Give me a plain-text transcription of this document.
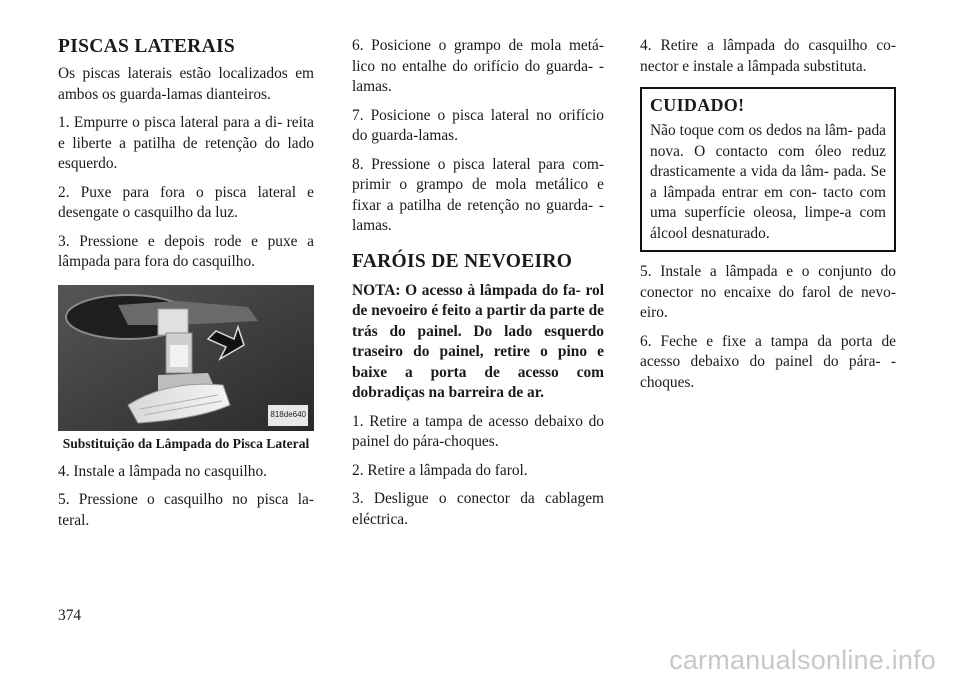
PISCAS LATERAIS

Os piscas laterais estão localizados em ambos os guarda-lamas dianteiros.

1. Empurre o pisca lateral para a di- reita e liberte a patilha de retenção do lado esquerdo.

2. Puxe para fora o pisca lateral e desengate o casquilho da luz.

3. Pressione e depois rode e puxe a lâmpada para fora do casquilho.

818de640
Substituição da Lâmpada do Pisca Lateral

4. Instale a lâmpada no casquilho.

5. Pressione o casquilho no pisca la- teral.

6. Posicione o grampo de mola metá- lico no entalhe do orifício do guarda- -lamas.

7. Posicione o pisca lateral no orifício do guarda-lamas.

8. Pressione o pisca lateral para com- primir o grampo de mola metálico e fixar a patilha de retenção no guarda- -lamas.

FARÓIS DE NEVOEIRO

NOTA: O acesso à lâmpada do fa- rol de nevoeiro é feito a partir da parte de trás do painel. Do lado esquerdo traseiro do painel, retire o pino e baixe a porta de acesso com dobradiças na barreira de ar.

1. Retire a tampa de acesso debaixo do painel do pára-choques.

2. Retire a lâmpada do farol.

3. Desligue o conector da cablagem eléctrica.

4. Retire a lâmpada do casquilho co- nector e instale a lâmpada substituta.

CUIDADO!

Não toque com os dedos na lâm- pada nova. O contacto com óleo reduz drasticamente a vida da lâm- pada. Se a lâmpada entrar em con- tacto com uma superfície oleosa, limpe-a com álcool desnaturado.

5. Instale a lâmpada e o conjunto do conector no encaixe do farol de nevo- eiro.

6. Feche e fixe a tampa da porta de acesso debaixo do painel do pára- -choques.

374
carmanualsonline.info
